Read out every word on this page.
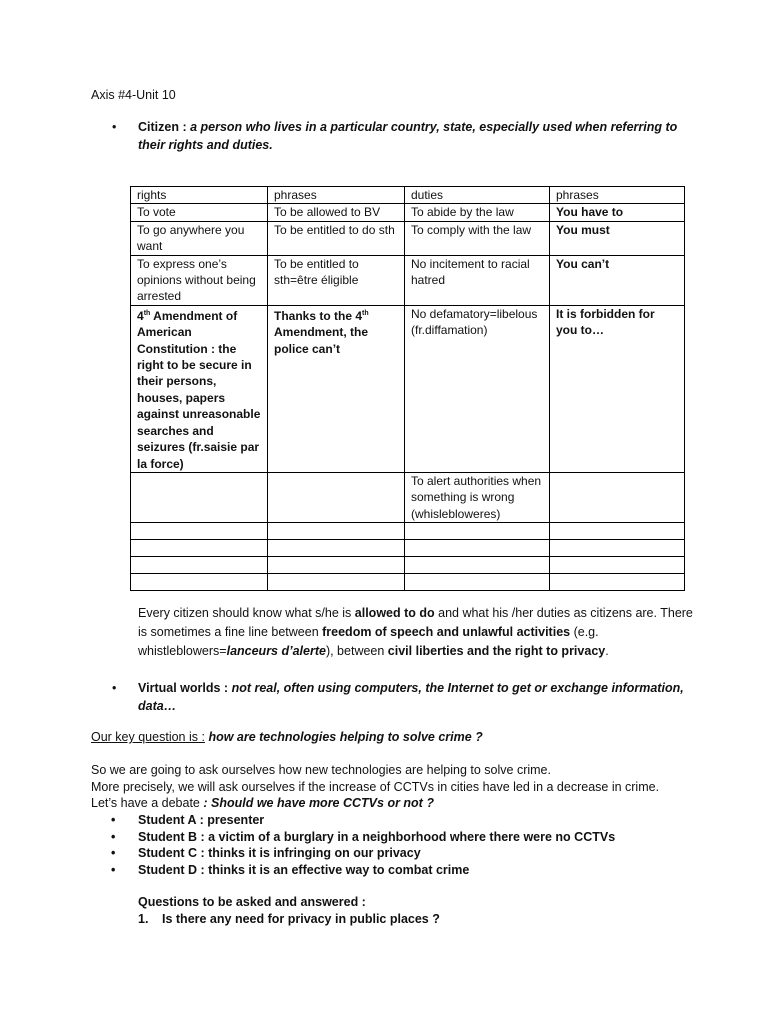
Axis #4-Unit 10
• Citizen : a person who lives in a particular country, state, especially used when referring to their rights and duties.
rights	phrases	duties	phrases
To vote	To be allowed to BV	To abide by the law	You have to
To go anywhere you want	To be entitled to do sth	To comply with the law	You must
To express one’s opinions without being arrested	To be entitled to sth=être éligible	No incitement to racial hatred	You can’t
4th Amendment of American Constitution : the right to be secure in their persons, houses, papers against unreasonable searches and seizures (fr.saisie par la force)	Thanks to the 4th Amendment, the police can’t	No defamatory=libelous (fr.diffamation)	It is forbidden for you to…
		To alert authorities when something is wrong (whislebloweres)	

Every citizen should know what s/he is allowed to do and what his /her duties as citizens are. There is sometimes a fine line between freedom of speech and unlawful activities (e.g. whistleblowers=lanceurs d’alerte), between civil liberties and the right to privacy.
• Virtual worlds : not real, often using computers, the Internet to get or exchange information, data…
Our key question is : how are technologies helping to solve crime ?
So we are going to ask ourselves how new technologies are helping to solve crime.
More precisely, we will ask ourselves if the increase of CCTVs in cities have led in a decrease in crime.
Let’s have a debate : Should we have more CCTVs or not ?
• Student A : presenter
• Student B : a victim of a burglary in a neighborhood where there were no CCTVs
• Student C : thinks it is infringing on our privacy
• Student D : thinks it is an effective way to combat crime
Questions to be asked and answered :
1. Is there any need for privacy in public places ?
